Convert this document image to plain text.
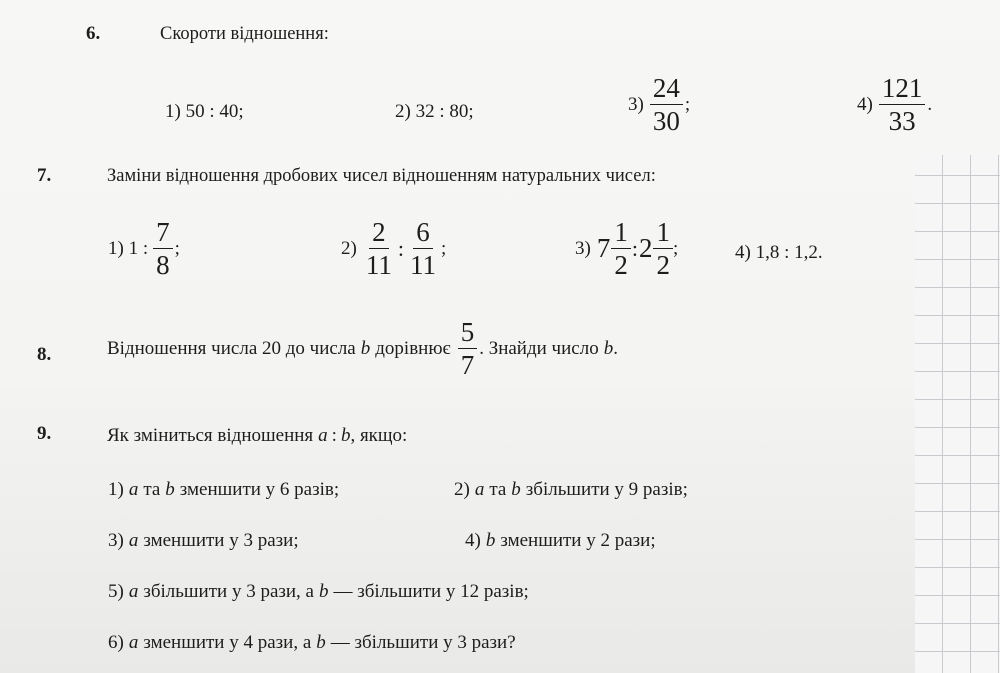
6.	Скороти відношення:
1) 50 : 40;	2) 32 : 80;	$3) \frac{24}{30}$ ;	$4) \frac{121}{33}$ .
7.	Заміни відношення дробових чисел відношенням натуральних чисел:
1) 1 : $\frac{7}{8}$ ;	$2) \frac{2}{11}$ : $\frac{6}{11}$ ;	3) $7 \frac{1}{2}$ : $2 \frac{1}{2}$ ;	4) 1,8 : 1,2.
8.	Відношення числа 20 до числа b дорівнює $\frac{5}{7}$ . Знайди число b .
9.	Як зміниться відношення a : b , якщо:
1) a та b зменшити у 6 разів;	2) a та b збільшити у 9 разів;
3) a зменшити у 3 рази;	4) b зменшити у 2 рази;
5) a збільшити у 3 рази, а b — збільшити у 12 разів;
6) a зменшити у 4 рази, а b — збільшити у 3 рази?
